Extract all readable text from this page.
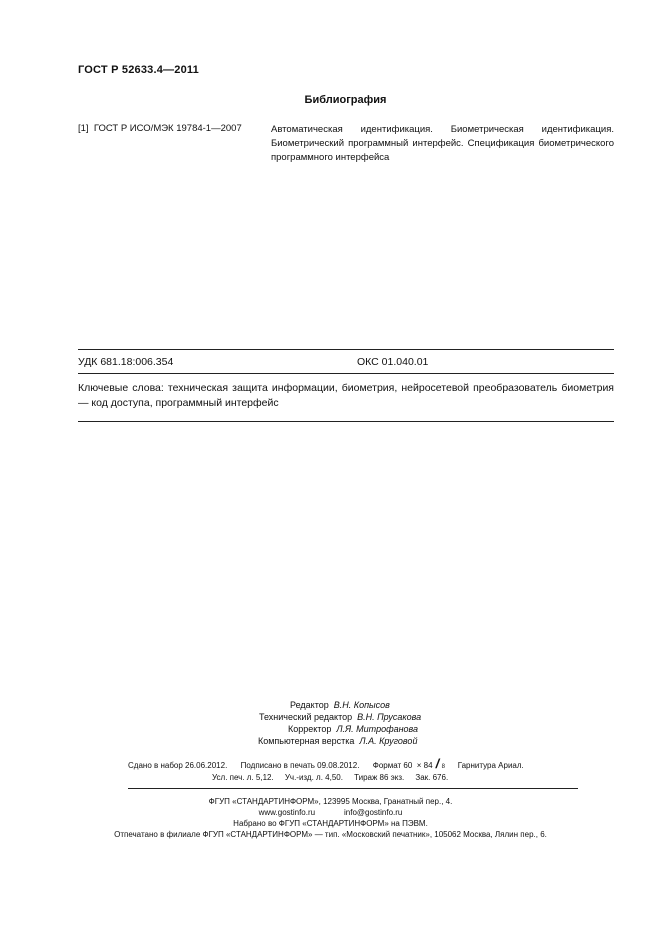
ГОСТ Р 52633.4—2011
Библиография
[1] ГОСТ Р ИСО/МЭК 19784-1—2007	Автоматическая идентификация. Биометрическая идентификация. Биометрический программный интерфейс. Спецификация биометрического программного интерфейса
УДК 681.18:006.354	ОКС 01.040.01
Ключевые слова: техническая защита информации, биометрия, нейросетевой преобразователь биометрия — код доступа, программный интерфейс
Редактор В.Н. Копысов
Технический редактор В.Н. Прусакова
Корректор Л.Я. Митрофанова
Компьютерная верстка Л.А. Круговой
Сдано в набор 26.06.2012. Подписано в печать 09.08.2012. Формат 60 × 84 / 8 Гарнитура Ариал.
Усл. печ. л. 5,12. Уч.-изд. л. 4,50. Тираж 86 экз. Зак. 676.
ФГУП «СТАНДАРТИНФОРМ», 123995 Москва, Гранатный пер., 4.
www.gostinfo.ru	info@gostinfo.ru
Набрано во ФГУП «СТАНДАРТИНФОРМ» на ПЭВМ.
Отпечатано в филиале ФГУП «СТАНДАРТИНФОРМ» — тип. «Московский печатник», 105062 Москва, Лялин пер., 6.
